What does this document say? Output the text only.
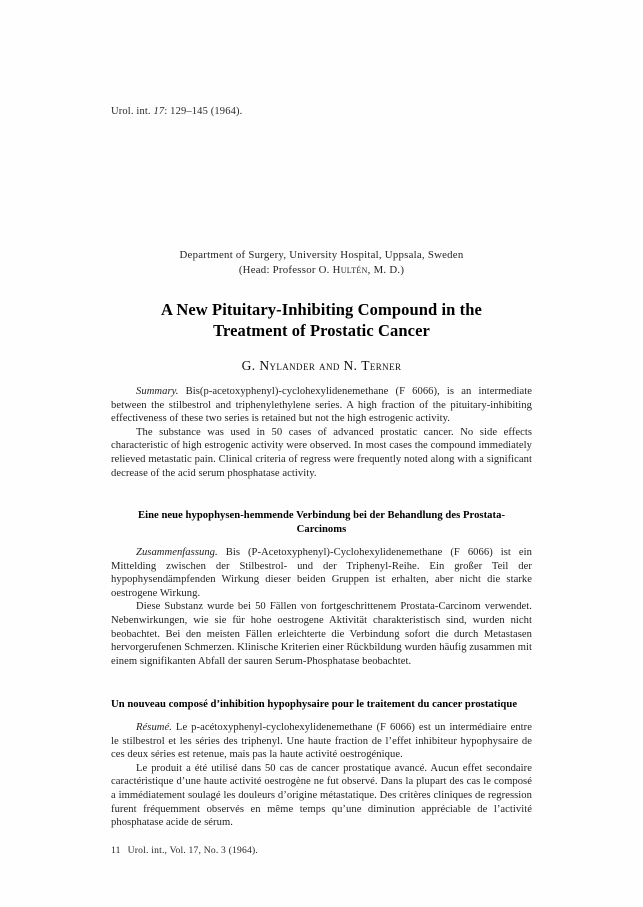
Urol. int. 17: 129–145 (1964).
Department of Surgery, University Hospital, Uppsala, Sweden
(Head: Professor O. Hultén, M. D.)
A New Pituitary-Inhibiting Compound in the
Treatment of Prostatic Cancer
G. Nylander and N. Terner

Summary. Bis(p-acetoxyphenyl)-cyclohexylidenemethane (F 6066), is an intermediate between the stilbestrol and triphenylethylene series. A high fraction of the pituitary-inhibiting effectiveness of these two series is retained but not the high estrogenic activity.

The substance was used in 50 cases of advanced prostatic cancer. No side effects characteristic of high estrogenic activity were observed. In most cases the compound immediately relieved metastatic pain. Clinical criteria of regress were frequently noted along with a significant decrease of the acid serum phosphatase activity.

Eine neue hypophysen-hemmende Verbindung bei der Behandlung des Prostata-
Carcinoms

Zusammenfassung. Bis (P-Acetoxyphenyl)-Cyclohexylidenemethane (F 6066) ist ein Mittelding zwischen der Stilbestrol- und der Triphenyl-Reihe. Ein großer Teil der hypophysendämpfenden Wirkung dieser beiden Gruppen ist erhalten, aber nicht die starke oestrogene Wirkung.

Diese Substanz wurde bei 50 Fällen von fortgeschrittenem Prostata-Carcinom verwendet. Nebenwirkungen, wie sie für hohe oestrogene Aktivität charakteristisch sind, wurden nicht beobachtet. Bei den meisten Fällen erleichterte die Verbindung sofort die durch Metastasen hervorgerufenen Schmerzen. Klinische Kriterien einer Rückbildung wurden häufig zusammen mit einem signifikanten Abfall der sauren Serum-Phosphatase beobachtet.

Un nouveau composé d’inhibition hypophysaire pour le traitement du cancer prostatique

Résumé. Le p-acétoxyphenyl-cyclohexylidenemethane (F 6066) est un intermédiaire entre le stilbestrol et les séries des triphenyl. Une haute fraction de l’effet inhibiteur hypophysaire de ces deux séries est retenue, mais pas la haute activité oestrogénique.

Le produit a été utilisé dans 50 cas de cancer prostatique avancé. Aucun effet secondaire caractéristique d’une haute activité oestrogène ne fut observé. Dans la plupart des cas le composé a immédiatement soulagé les douleurs d’origine métastatique. Des critères cliniques de regression furent fréquemment observés en même temps qu’une diminution appréciable de l’activité phosphatase acide de sérum.

11 Urol. int., Vol. 17, No. 3 (1964).
